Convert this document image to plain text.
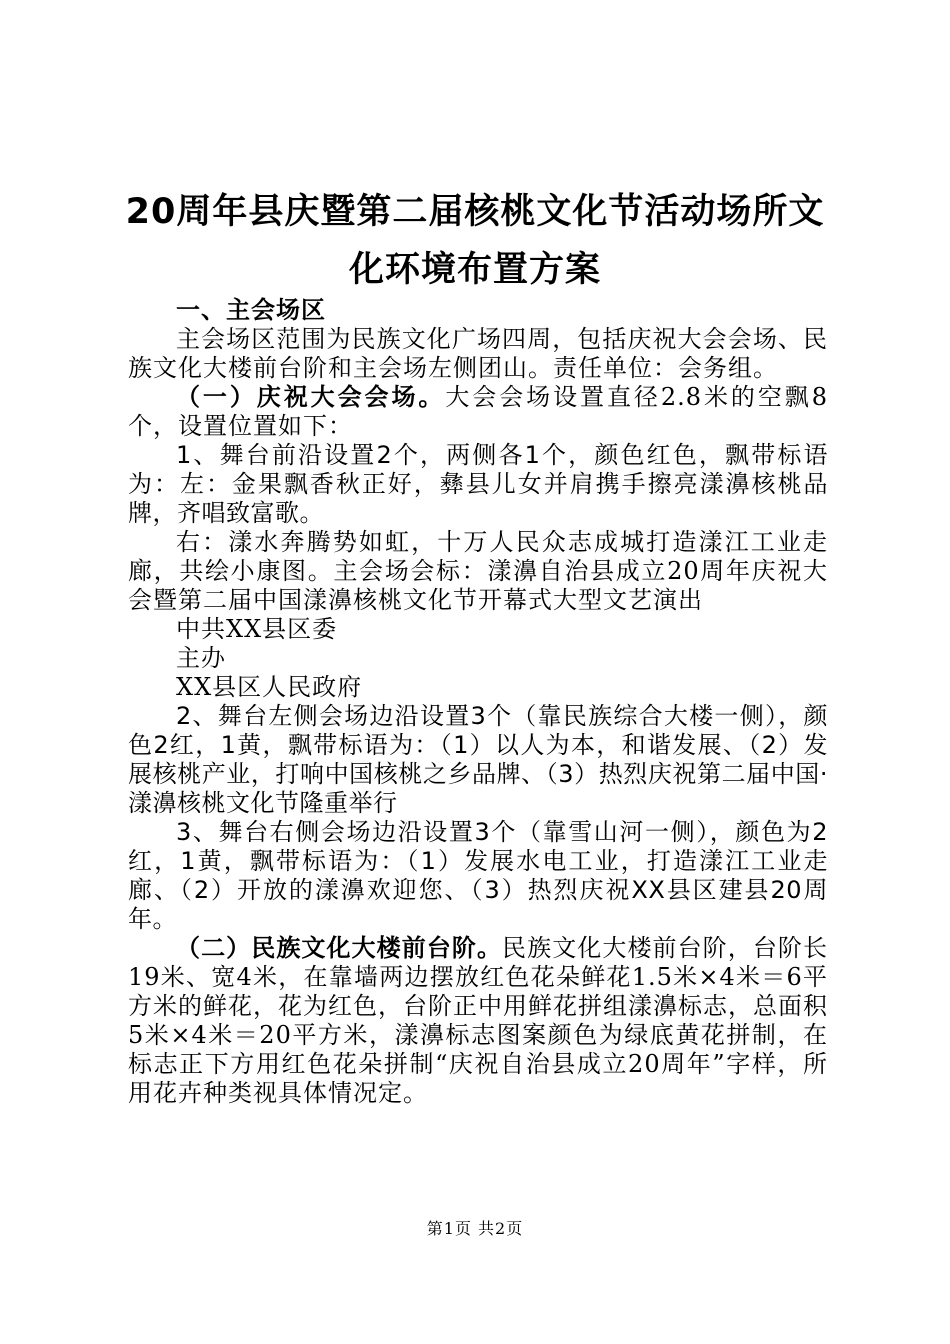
20周年县庆暨第二届核桃文化节活动场所文
化环境布置方案

一、主会场区

主会场区范围为民族文化广场四周，包括庆祝大会会场、民族文化大楼前台阶和主会场左侧团山。责任单位：会务组。

（一）庆祝大会会场。大会会场设置直径2.8米的空飘8个，设置位置如下：

1、舞台前沿设置2个，两侧各1个，颜色红色，飘带标语为：左：金果飘香秋正好，彝县儿女并肩携手擦亮漾濞核桃品牌，齐唱致富歌。

右：漾水奔腾势如虹，十万人民众志成城打造漾江工业走廊，共绘小康图。主会场会标：漾濞自治县成立20周年庆祝大会暨第二届中国漾濞核桃文化节开幕式大型文艺演出

中共XX县区委

主办

XX县区人民政府

2、舞台左侧会场边沿设置3个（靠民族综合大楼一侧），颜色2红，1黄，飘带标语为：（1）以人为本，和谐发展、（2）发展核桃产业，打响中国核桃之乡品牌、（3）热烈庆祝第二届中国·漾濞核桃文化节隆重举行

3、舞台右侧会场边沿设置3个（靠雪山河一侧），颜色为2红，1黄，飘带标语为：（1）发展水电工业，打造漾江工业走廊、（2）开放的漾濞欢迎您、（3）热烈庆祝XX县区建县20周年。

（二）民族文化大楼前台阶。民族文化大楼前台阶，台阶长19米、宽4米，在靠墙两边摆放红色花朵鲜花1.5米×4米＝6平方米的鲜花，花为红色，台阶正中用鲜花拼组漾濞标志，总面积5米×4米＝20平方米，漾濞标志图案颜色为绿底黄花拼制，在标志正下方用红色花朵拼制“庆祝自治县成立20周年”字样，所用花卉种类视具体情况定。

第1页 共2页
